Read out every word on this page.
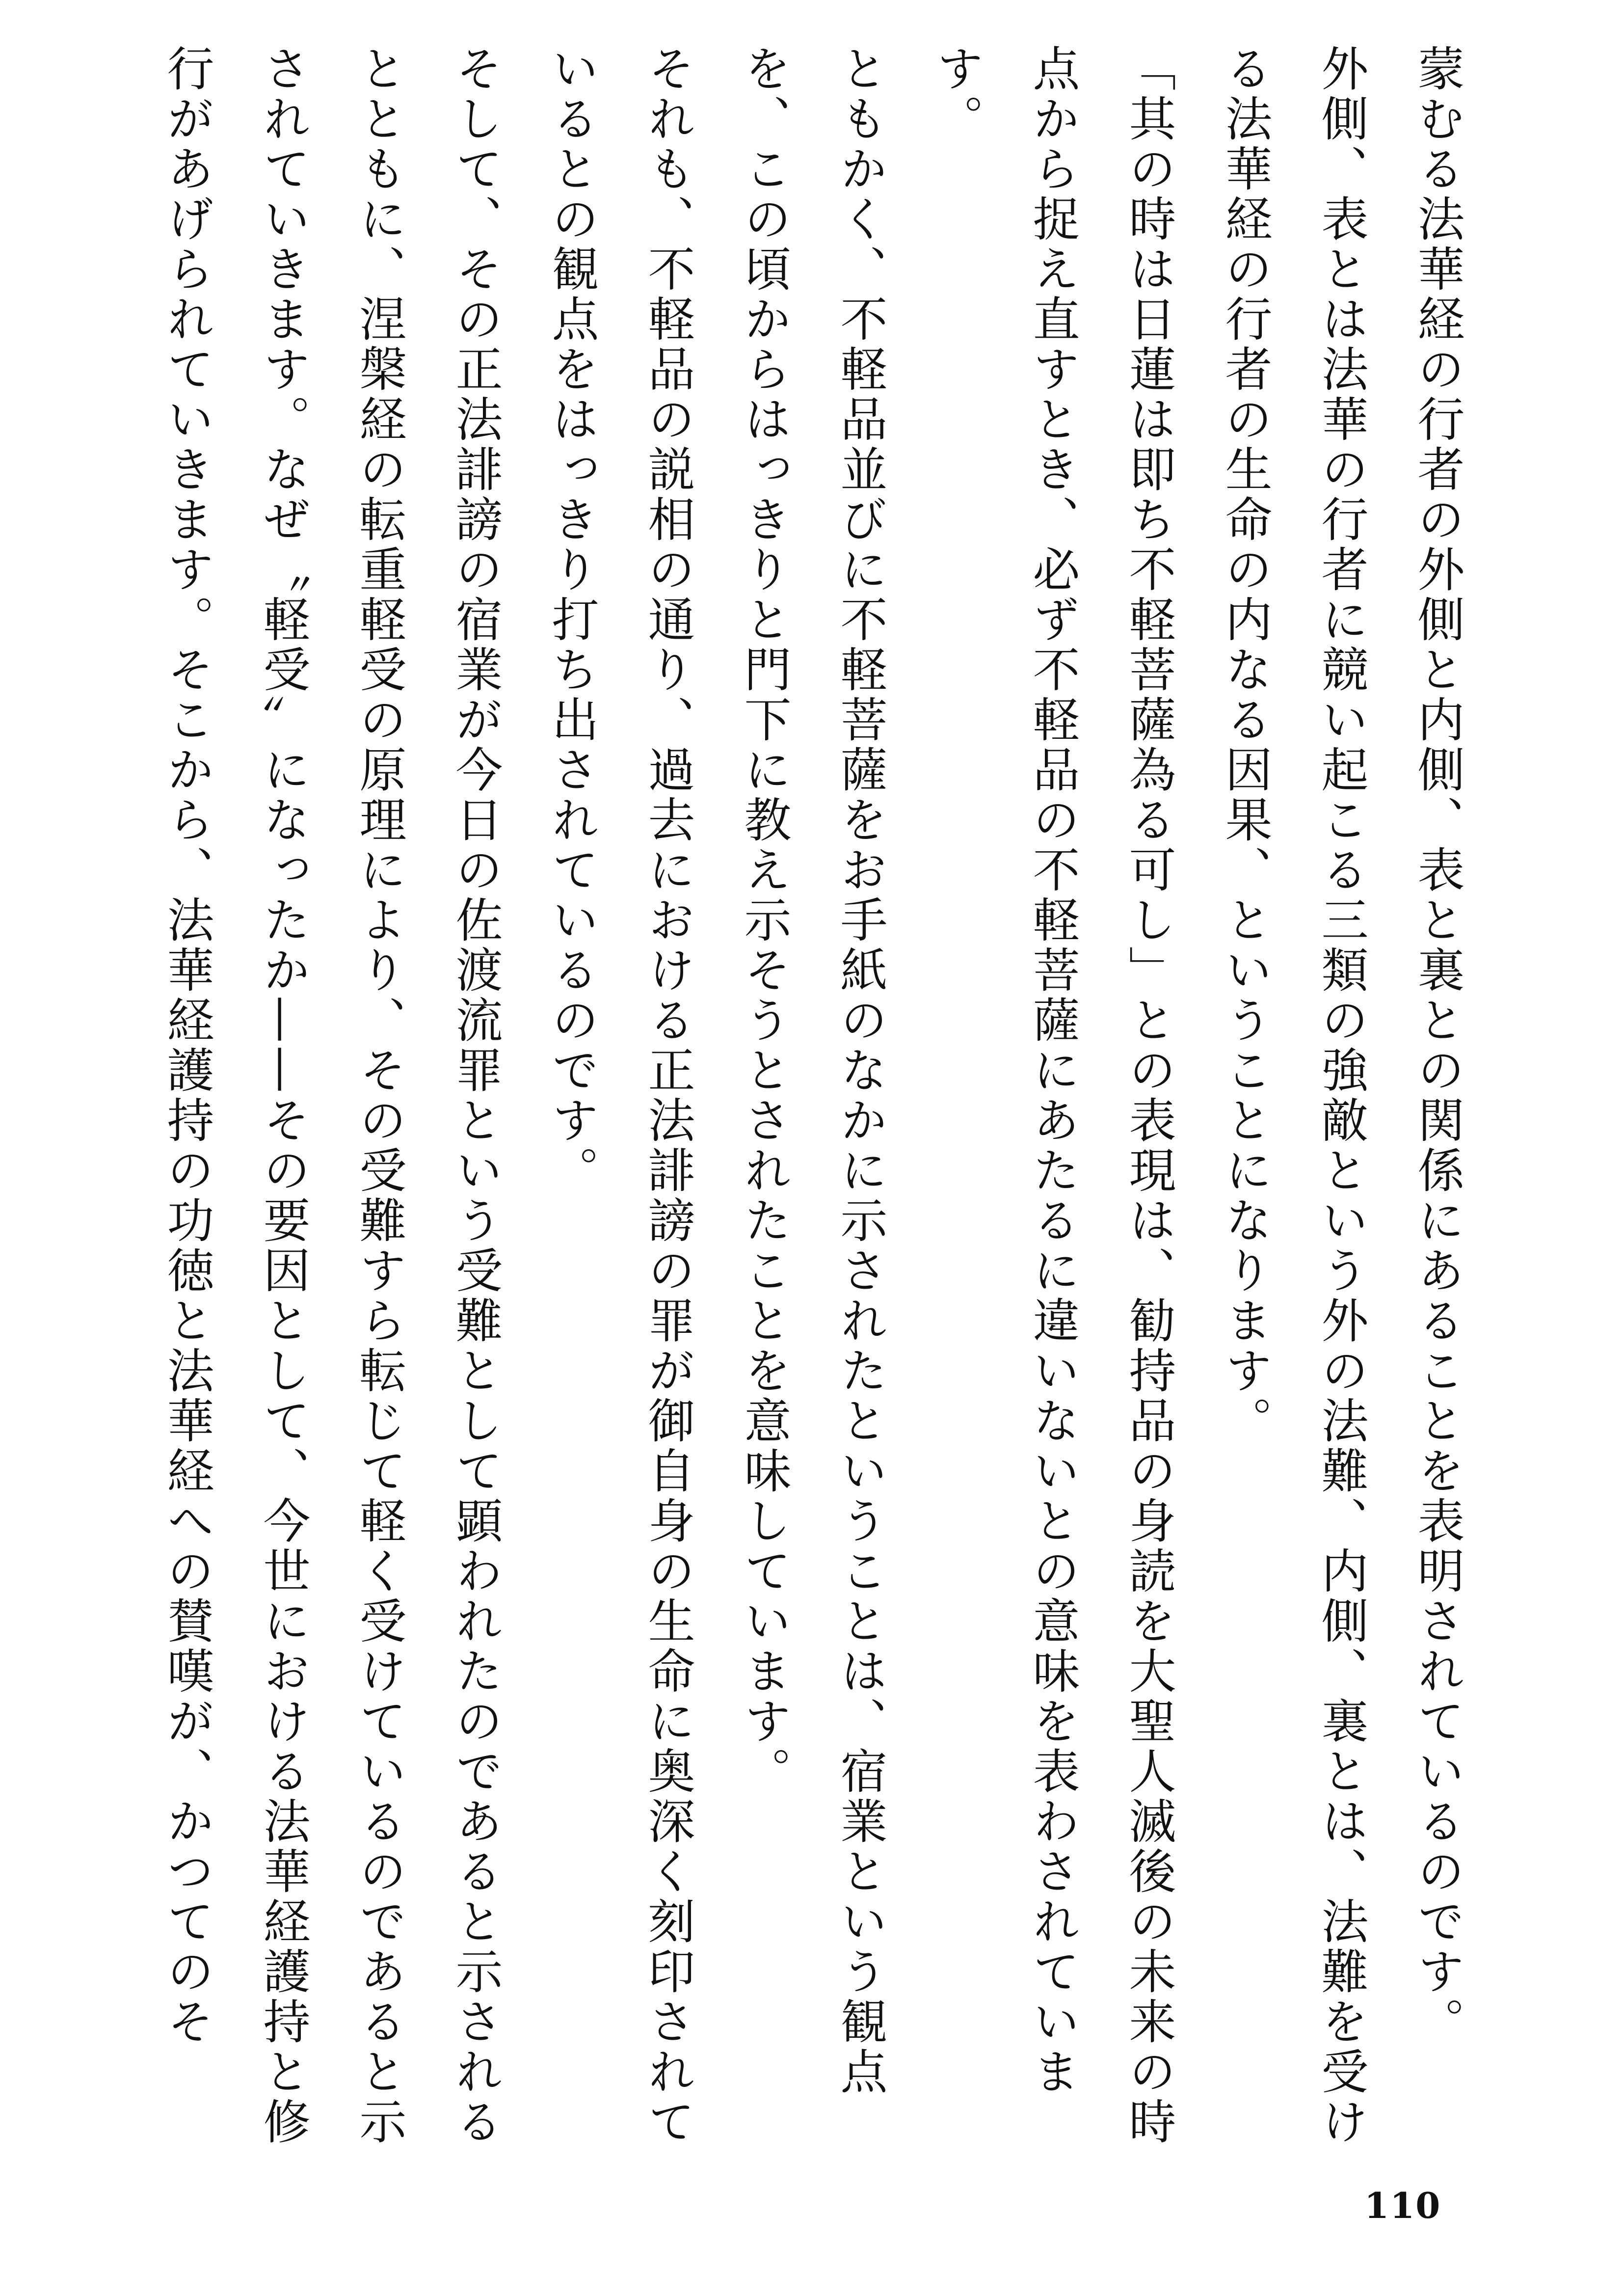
蒙むる法華経の行者の外側と内側、表と裏との関係にあることを表明されているのです。

外側、表とは法華の行者に競い起こる三類の強敵という外の法難、内側、裏とは、法難を受ける法華経の行者の生命の内なる因果、ということになります。

「其の時は日蓮は即ち不軽菩薩為る可し」との表現は、勧持品の身読を大聖人滅後の未来の時点から捉え直すとき、必ず不軽品の不軽菩薩にあたるに違いないとの意味を表わされています。

ともかく、不軽品並びに不軽菩薩をお手紙のなかに示されたということは、宿業という観点を、この頃からはっきりと門下に教え示そうとされたことを意味しています。

それも、不軽品の説相の通り、過去における正法誹謗の罪が御自身の生命に奥深く刻印されているとの観点をはっきり打ち出されているのです。

そして、その正法誹謗の宿業が今日の佐渡流罪という受難として顕われたのであると示されるとともに、涅槃経の転重軽受の原理により、その受難すら転じて軽く受けているのであると示されていきます。なぜ〝軽受〟になったか——その要因として、今世における法華経護持と修行があげられていきます。そこから、法華経護持の功徳と法華経への賛嘆が、かつてのそ

110
